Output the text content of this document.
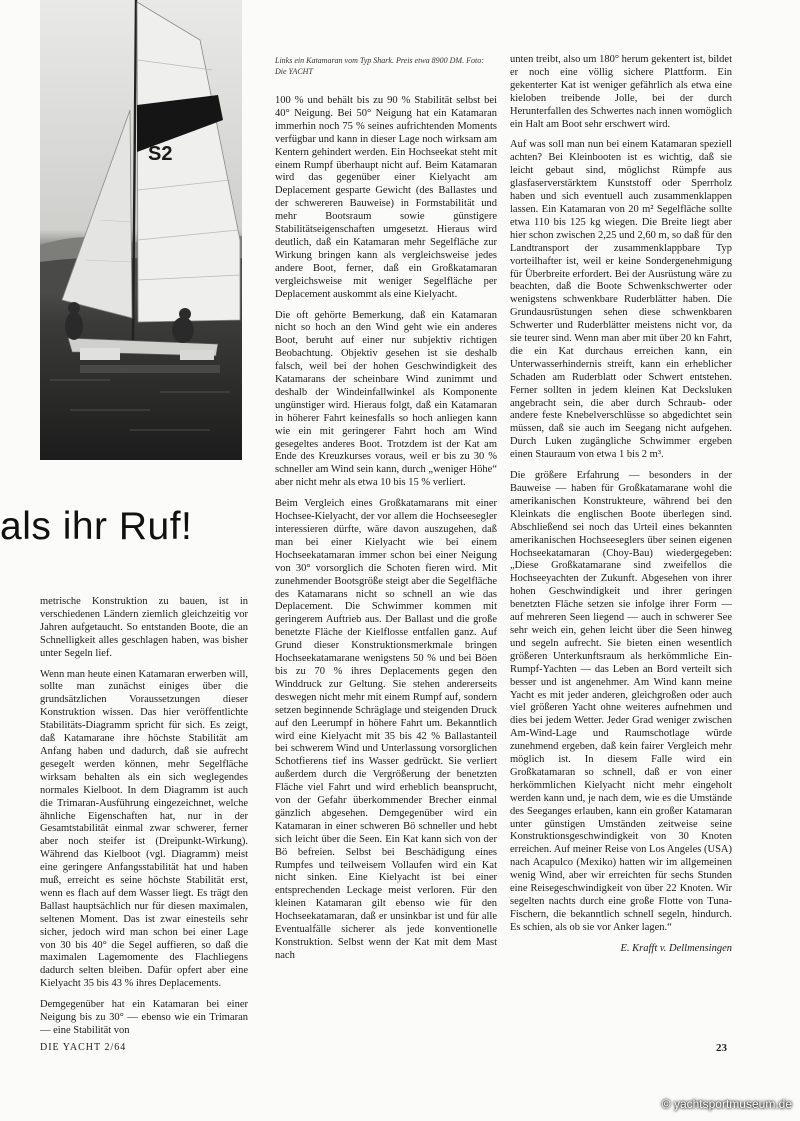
S2
Links ein Katamaran vom Typ Shark. Preis etwa 8900 DM. Foto: Die YACHT
als ihr Ruf!

metrische Konstruktion zu bauen, ist in verschiedenen Ländern ziemlich gleichzeitig vor Jahren aufgetaucht. So entstanden Boote, die an Schnelligkeit alles geschlagen haben, was bisher unter Segeln lief.

Wenn man heute einen Katamaran erwerben will, sollte man zunächst einiges über die grundsätzlichen Voraussetzungen dieser Konstruktion wissen. Das hier veröffentlichte Stabilitäts-Diagramm spricht für sich. Es zeigt, daß Katamarane ihre höchste Stabilität am Anfang haben und dadurch, daß sie aufrecht gesegelt werden können, mehr Segelfläche wirksam behalten als ein sich weglegendes normales Kielboot. In dem Diagramm ist auch die Trimaran-Ausführung eingezeichnet, welche ähnliche Eigenschaften hat, nur in der Gesamtstabilität einmal zwar schwerer, ferner aber noch steifer ist (Dreipunkt-Wirkung). Während das Kielboot (vgl. Diagramm) meist eine geringere Anfangsstabilität hat und haben muß, erreicht es seine höchste Stabilität erst, wenn es flach auf dem Wasser liegt. Es trägt den Ballast hauptsächlich nur für diesen maximalen, seltenen Moment. Das ist zwar einesteils sehr sicher, jedoch wird man schon bei einer Lage von 30 bis 40° die Segel auffieren, so daß die maximalen Lagemomente des Flachliegens dadurch selten bleiben. Dafür opfert aber eine Kielyacht 35 bis 43 % ihres Deplacements.

Demgegenüber hat ein Katamaran bei einer Neigung bis zu 30° — ebenso wie ein Trimaran — eine Stabilität von

100 % und behält bis zu 90 % Stabilität selbst bei 40° Neigung. Bei 50° Neigung hat ein Katamaran immerhin noch 75 % seines aufrichtenden Moments verfügbar und kann in dieser Lage noch wirksam am Kentern gehindert werden. Ein Hochseekat steht mit einem Rumpf überhaupt nicht auf. Beim Katamaran wird das gegenüber einer Kielyacht am Deplacement gesparte Gewicht (des Ballastes und der schwereren Bauweise) in Formstabilität und mehr Bootsraum sowie günstigere Stabilitätseigenschaften umgesetzt. Hieraus wird deutlich, daß ein Katamaran mehr Segelfläche zur Wirkung bringen kann als vergleichsweise jedes andere Boot, ferner, daß ein Großkatamaran vergleichsweise mit weniger Segelfläche per Deplacement auskommt als eine Kielyacht.

Die oft gehörte Bemerkung, daß ein Katamaran nicht so hoch an den Wind geht wie ein anderes Boot, beruht auf einer nur subjektiv richtigen Beobachtung. Objektiv gesehen ist sie deshalb falsch, weil bei der hohen Geschwindigkeit des Katamarans der scheinbare Wind zunimmt und deshalb der Windeinfallwinkel als Komponente ungünstiger wird. Hieraus folgt, daß ein Katamaran in höherer Fahrt keinesfalls so hoch anliegen kann wie ein mit geringerer Fahrt hoch am Wind gesegeltes anderes Boot. Trotzdem ist der Kat am Ende des Kreuzkurses voraus, weil er bis zu 30 % schneller am Wind sein kann, durch „weniger Höhe“ aber nicht mehr als etwa 10 bis 15 % verliert.

Beim Vergleich eines Großkatamarans mit einer Hochsee-Kielyacht, der vor allem die Hochseesegler interessieren dürfte, wäre davon auszugehen, daß man bei einer Kielyacht wie bei einem Hochseekatamaran immer schon bei einer Neigung von 30° vorsorglich die Schoten fieren wird. Mit zunehmender Bootsgröße steigt aber die Segelfläche des Katamarans nicht so schnell an wie das Deplacement. Die Schwimmer kommen mit geringerem Auftrieb aus. Der Ballast und die große benetzte Fläche der Kielflosse entfallen ganz. Auf Grund dieser Konstruktionsmerkmale bringen Hochseekatamarane wenigstens 50 % und bei Böen bis zu 70 % ihres Deplacements gegen den Winddruck zur Geltung. Sie stehen andererseits deswegen nicht mehr mit einem Rumpf auf, sondern setzen beginnende Schräglage und steigenden Druck auf den Leerumpf in höhere Fahrt um. Bekanntlich wird eine Kielyacht mit 35 bis 42 % Ballastanteil bei schwerem Wind und Unterlassung vorsorglichen Schotfierens tief ins Wasser gedrückt. Sie verliert außerdem durch die Vergrößerung der benetzten Fläche viel Fahrt und wird erheblich beansprucht, von der Gefahr überkommender Brecher einmal gänzlich abgesehen. Demgegenüber wird ein Katamaran in einer schweren Bö schneller und hebt sich leicht über die Seen. Ein Kat kann sich von der Bö befreien. Selbst bei Beschädigung eines Rumpfes und teilweisem Vollaufen wird ein Kat nicht sinken. Eine Kielyacht ist bei einer entsprechenden Leckage meist verloren. Für den kleinen Katamaran gilt ebenso wie für den Hochseekatamaran, daß er unsinkbar ist und für alle Eventualfälle sicherer als jede konventionelle Konstruktion. Selbst wenn der Kat mit dem Mast nach

unten treibt, also um 180° herum gekentert ist, bildet er noch eine völlig sichere Plattform. Ein gekenterter Kat ist weniger gefährlich als etwa eine kieloben treibende Jolle, bei der durch Herunterfallen des Schwertes nach innen womöglich ein Halt am Boot sehr erschwert wird.

Auf was soll man nun bei einem Katamaran speziell achten? Bei Kleinbooten ist es wichtig, daß sie leicht gebaut sind, möglichst Rümpfe aus glasfaserverstärktem Kunststoff oder Sperrholz haben und sich eventuell auch zusammenklappen lassen. Ein Katamaran von 20 m² Segelfläche sollte etwa 110 bis 125 kg wiegen. Die Breite liegt aber hier schon zwischen 2,25 und 2,60 m, so daß für den Landtransport der zusammenklappbare Typ vorteilhafter ist, weil er keine Sondergenehmigung für Überbreite erfordert. Bei der Ausrüstung wäre zu beachten, daß die Boote Schwenkschwerter oder wenigstens schwenkbare Ruderblätter haben. Die Grundausrüstungen sehen diese schwenkbaren Schwerter und Ruderblätter meistens nicht vor, da sie teurer sind. Wenn man aber mit über 20 kn Fahrt, die ein Kat durchaus erreichen kann, ein Unterwasserhindernis streift, kann ein erheblicher Schaden am Ruderblatt oder Schwert entstehen. Ferner sollten in jedem kleinen Kat Decksluken angebracht sein, die aber durch Schraub- oder andere feste Knebelverschlüsse so abgedichtet sein müssen, daß sie auch im Seegang nicht aufgehen. Durch Luken zugängliche Schwimmer ergeben einen Stauraum von etwa 1 bis 2 m³.

Die größere Erfahrung — besonders in der Bauweise — haben für Großkatamarane wohl die amerikanischen Konstrukteure, während bei den Kleinkats die englischen Boote überlegen sind. Abschließend sei noch das Urteil eines bekannten amerikanischen Hochseeseglers über seinen eigenen Hochseekatamaran (Choy-Bau) wiedergegeben: „Diese Großkatamarane sind zweifellos die Hochseeyachten der Zukunft. Abgesehen von ihrer hohen Geschwindigkeit und ihrer geringen benetzten Fläche setzen sie infolge ihrer Form — auf mehreren Seen liegend — auch in schwerer See sehr weich ein, gehen leicht über die Seen hinweg und segeln aufrecht. Sie bieten einen wesentlich größeren Unterkunftsraum als herkömmliche Ein-Rumpf-Yachten — das Leben an Bord verteilt sich besser und ist angenehmer. Am Wind kann meine Yacht es mit jeder anderen, gleichgroßen oder auch viel größeren Yacht ohne weiteres aufnehmen und dies bei jedem Wetter. Jeder Grad weniger zwischen Am-Wind-Lage und Raumschotlage würde zunehmend ergeben, daß kein fairer Vergleich mehr möglich ist. In diesem Falle wird ein Großkatamaran so schnell, daß er von einer herkömmlichen Kielyacht nicht mehr eingeholt werden kann und, je nach dem, wie es die Umstände des Seeganges erlauben, kann ein großer Katamaran unter günstigen Umständen zeitweise seine Konstruktionsgeschwindigkeit von 30 Knoten erreichen. Auf meiner Reise von Los Angeles (USA) nach Acapulco (Mexiko) hatten wir im allgemeinen wenig Wind, aber wir erreichten für sechs Stunden eine Reisegeschwindigkeit von über 22 Knoten. Wir segelten nachts durch eine große Flotte von Tuna-Fischern, die bekanntlich schnell segeln, hindurch. Es schien, als ob sie vor Anker lagen.“

E. Krafft v. Dellmensingen
DIE YACHT 2/64	23
© yachtsportmuseum.de
